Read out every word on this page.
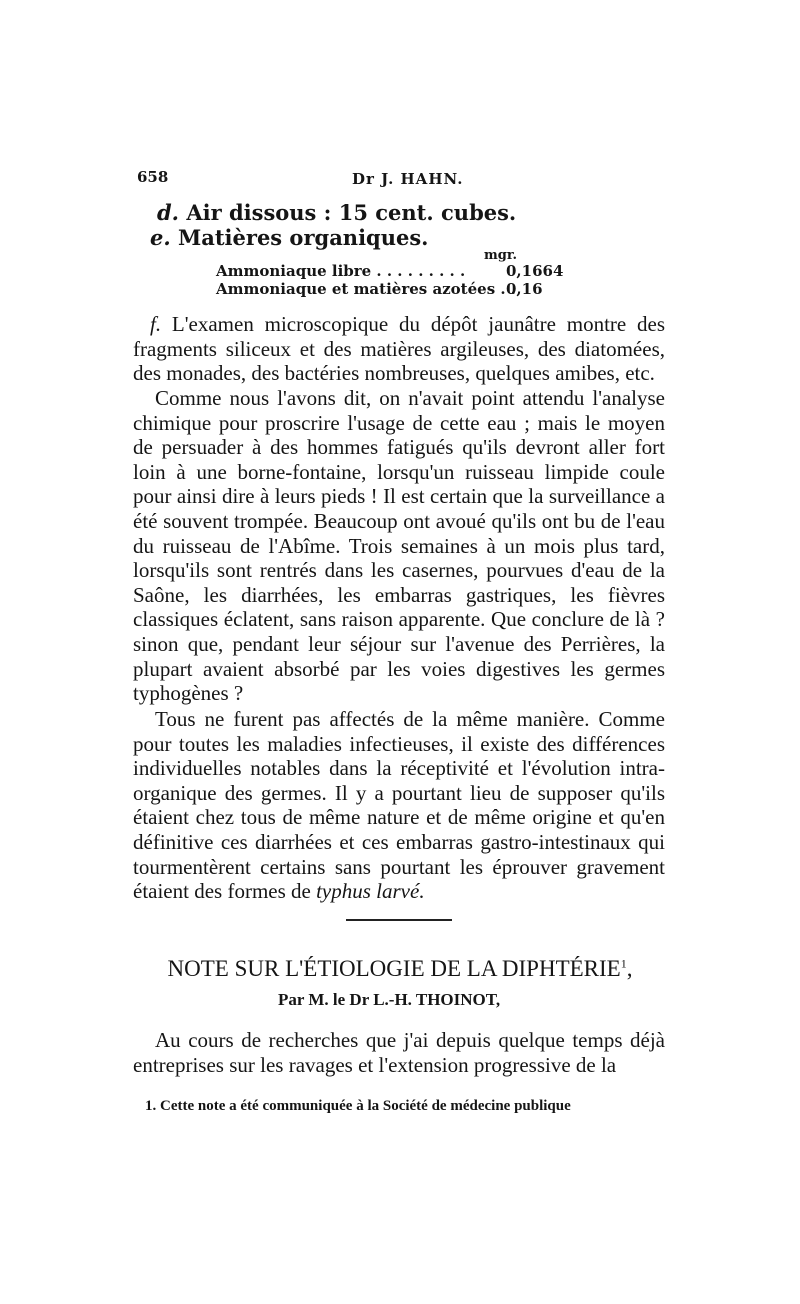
658	Dr J. HAHN.
d. Air dissous : 15 cent. cubes.
e. Matières organiques.
mgr.
Ammoniaque libre . . . . . . . . .	0,1664
Ammoniaque et matières azotées . .
0,16

f. L'examen microscopique du dépôt jaunâtre montre des fragments siliceux et des matières argileuses, des diatomées, des monades, des bactéries nombreuses, quelques amibes, etc.

Comme nous l'avons dit, on n'avait point attendu l'analyse chimique pour proscrire l'usage de cette eau ; mais le moyen de persuader à des hommes fatigués qu'ils devront aller fort loin à une borne-fontaine, lorsqu'un ruisseau limpide coule pour ainsi dire à leurs pieds ! Il est certain que la surveillance a été souvent trompée. Beaucoup ont avoué qu'ils ont bu de l'eau du ruisseau de l'Abîme. Trois semaines à un mois plus tard, lorsqu'ils sont rentrés dans les casernes, pourvues d'eau de la Saône, les diarrhées, les embarras gastriques, les fièvres classiques éclatent, sans raison apparente. Que conclure de là ? sinon que, pendant leur séjour sur l'avenue des Perrières, la plupart avaient absorbé par les voies digestives les germes typhogènes ?

Tous ne furent pas affectés de la même manière. Comme pour toutes les maladies infectieuses, il existe des différences individuelles notables dans la réceptivité et l'évolution intra-organique des germes. Il y a pourtant lieu de supposer qu'ils étaient chez tous de même nature et de même origine et qu'en définitive ces diarrhées et ces embarras gastro-intestinaux qui tourmentèrent certains sans pourtant les éprouver gravement étaient des formes de typhus larvé.

NOTE SUR L'ÉTIOLOGIE DE LA DIPHTÉRIE$^1$,
Par M. le Dr L.-H. THOINOT,

Au cours de recherches que j'ai depuis quelque temps déjà entreprises sur les ravages et l'extension progressive de la

1. Cette note a été communiquée à la Société de médecine publique
